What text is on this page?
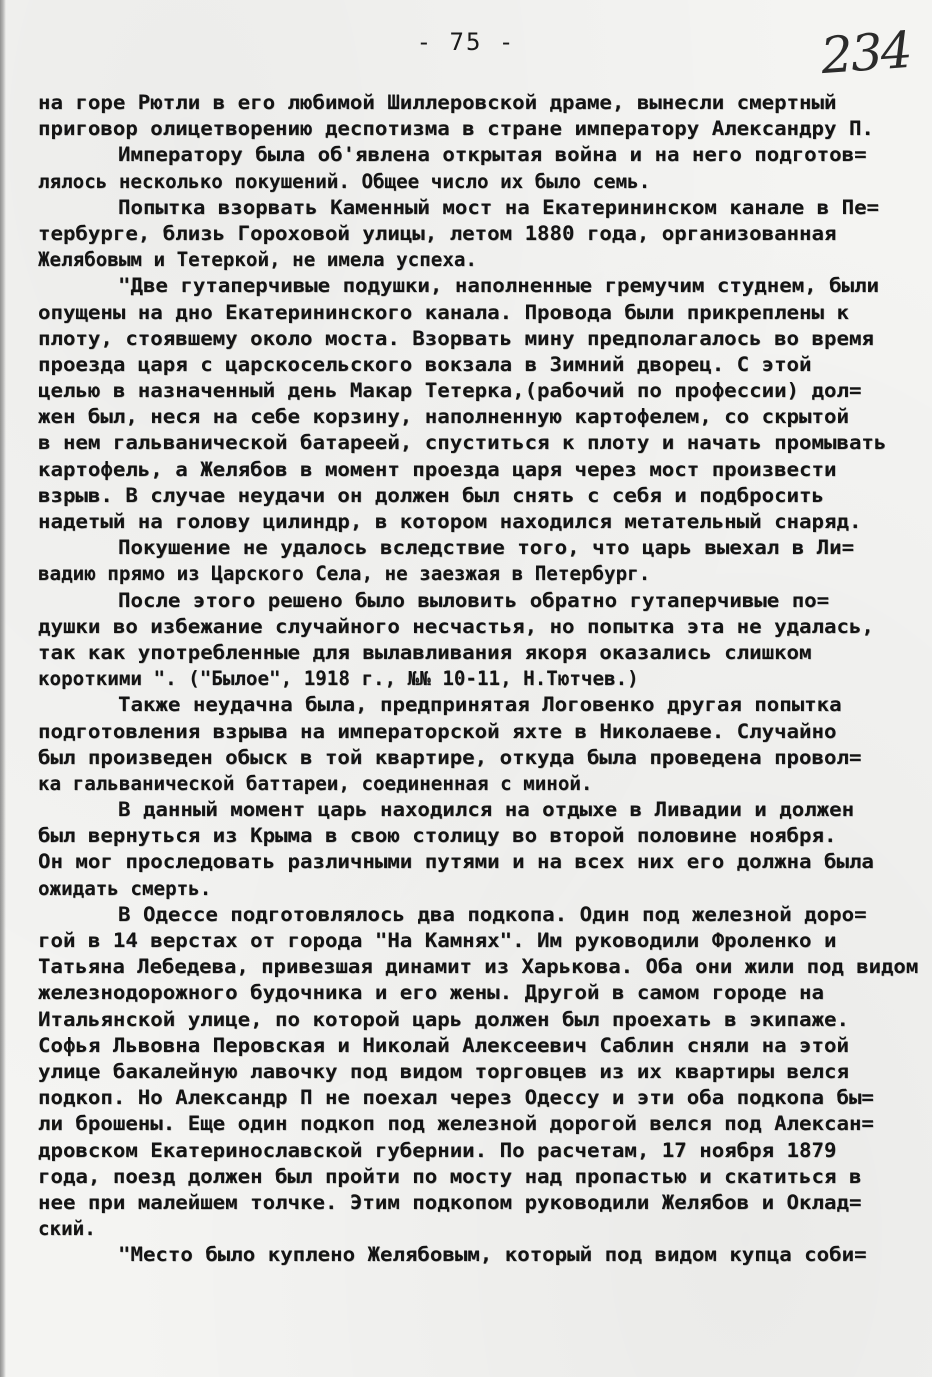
- 75 -	234
на горе Рютли в его любимой Шиллеровской драме, вынесли смертный
приговор олицетворению деспотизма в стране императору Александру П.
Императору была об'явлена открытая война и на него подготов=
лялось несколько покушений. Общее число их было семь.
Попытка взорвать Каменный мост на Екатерининском канале в Пе=
тербурге, близь Гороховой улицы, летом 1880 года, организованная
Желябовым и Тетеркой, не имела успеха.
"Две гутаперчивые подушки, наполненные гремучим студнем, были
опущены на дно Екатерининского канала. Провода были прикреплены к
плоту, стоявшему около моста. Взорвать мину предполагалось во время
проезда царя с царскосельского вокзала в Зимний дворец. С этой
целью в назначенный день Макар Тетерка,(рабочий по профессии) дол=
жен был, неся на себе корзину, наполненную картофелем, со скрытой
в нем гальванической батареей, спуститься к плоту и начать промывать
картофель, а Желябов в момент проезда царя через мост произвести
взрыв. В случае неудачи он должен был снять с себя и подбросить
надетый на голову цилиндр, в котором находился метательный снаряд.
Покушение не удалось вследствие того, что царь выехал в Ли=
вадию прямо из Царского Села, не заезжая в Петербург.
После этого решено было выловить обратно гутаперчивые по=
душки во избежание случайного несчастья, но попытка эта не удалась,
так как употребленные для вылавливания якоря оказались слишком
короткими ". ("Былое", 1918 г., №№ 10-11, Н.Тютчев.)
Также неудачна была, предпринятая Логовенко другая попытка
подготовления взрыва на императорской яхте в Николаеве. Случайно
был произведен обыск в той квартире, откуда была проведена провол=
ка гальванической баттареи, соединенная с миной.
В данный момент царь находился на отдыхе в Ливадии и должен
был вернуться из Крыма в свою столицу во второй половине ноября.
Он мог проследовать различными путями и на всех них его должна была
ожидать смерть.
В Одессе подготовлялось два подкопа. Один под железной доро=
гой в 14 верстах от города "На Камнях". Им руководили Фроленко и
Татьяна Лебедева, привезшая динамит из Харькова. Оба они жили под видом
железнодорожного будочника и его жены. Другой в самом городе на
Итальянской улице, по которой царь должен был проехать в экипаже.
Софья Львовна Перовская и Николай Алексеевич Саблин сняли на этой
улице бакалейную лавочку под видом торговцев из их квартиры велся
подкоп. Но Александр П не поехал через Одессу и эти оба подкопа бы=
ли брошены. Еще один подкоп под железной дорогой велся под Алексан=
дровском Екатеринославской губернии. По расчетам, 17 ноября 1879
года, поезд должен был пройти по мосту над пропастью и скатиться в
нее при малейшем толчке. Этим подкопом руководили Желябов и Оклад=
ский.
"Место было куплено Желябовым, который под видом купца соби=
